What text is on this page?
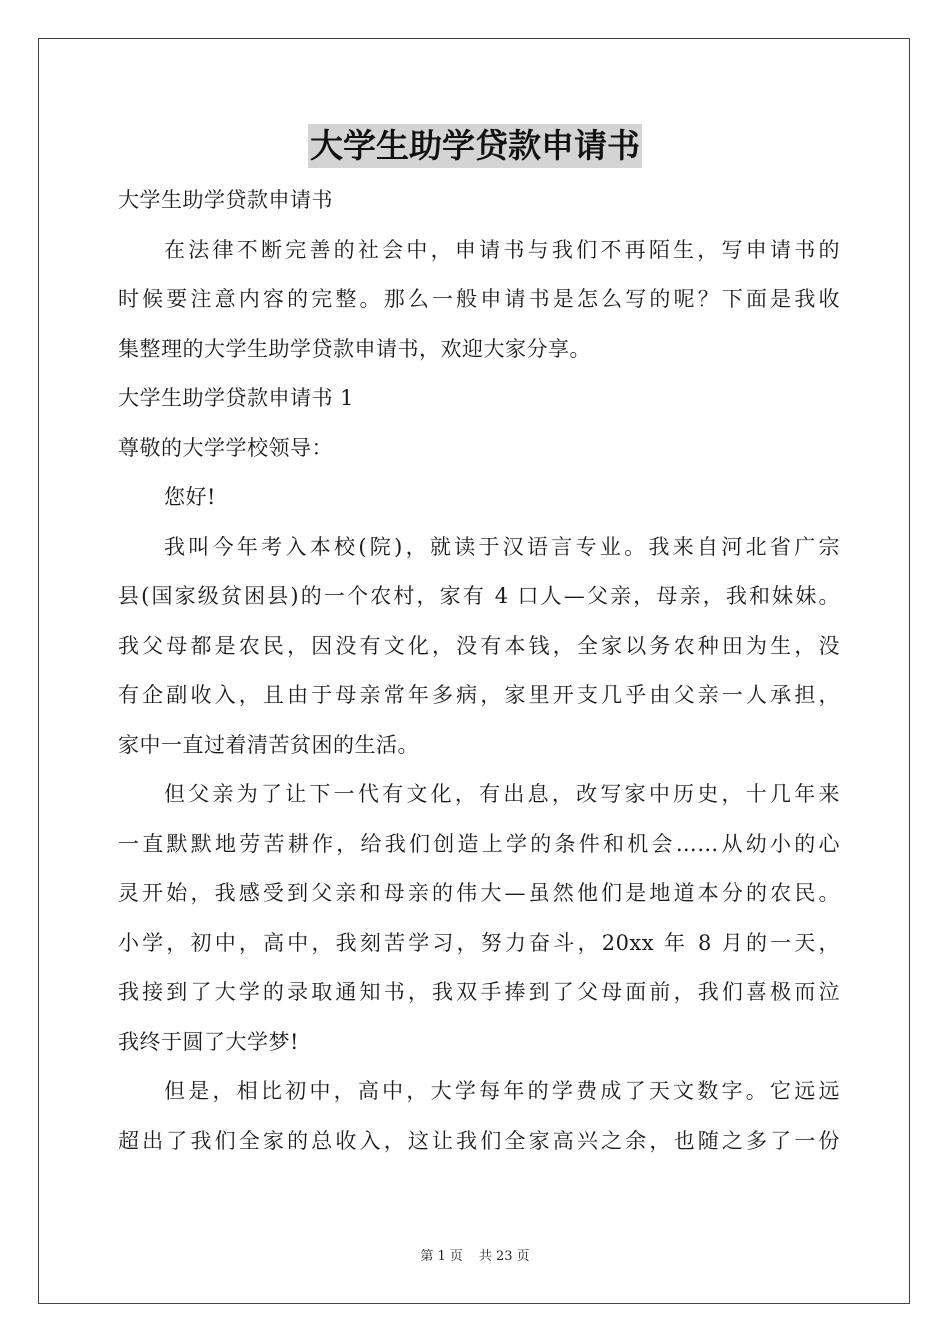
大学生助学贷款申请书
大学生助学贷款申请书
在法律不断完善的社会中，申请书与我们不再陌生，写申请书的
时候要注意内容的完整。那么一般申请书是怎么写的呢？下面是我收
集整理的大学生助学贷款申请书，欢迎大家分享。
大学生助学贷款申请书 1
尊敬的大学学校领导：
您好!
我叫今年考入本校(院)，就读于汉语言专业。我来自河北省广宗
县(国家级贫困县)的一个农村，家有 4 口人—父亲，母亲，我和妹妹。
我父母都是农民，因没有文化，没有本钱，全家以务农种田为生，没
有企副收入，且由于母亲常年多病，家里开支几乎由父亲一人承担，
家中一直过着清苦贫困的生活。
但父亲为了让下一代有文化，有出息，改写家中历史，十几年来
一直默默地劳苦耕作，给我们创造上学的条件和机会……从幼小的心
灵开始，我感受到父亲和母亲的伟大—虽然他们是地道本分的农民。
小学，初中，高中，我刻苦学习，努力奋斗，20xx 年 8 月的一天，
我接到了大学的录取通知书，我双手捧到了父母面前，我们喜极而泣
我终于圆了大学梦!
但是，相比初中，高中，大学每年的学费成了天文数字。它远远
超出了我们全家的总收入，这让我们全家高兴之余，也随之多了一份
第 1 页 共 23 页
